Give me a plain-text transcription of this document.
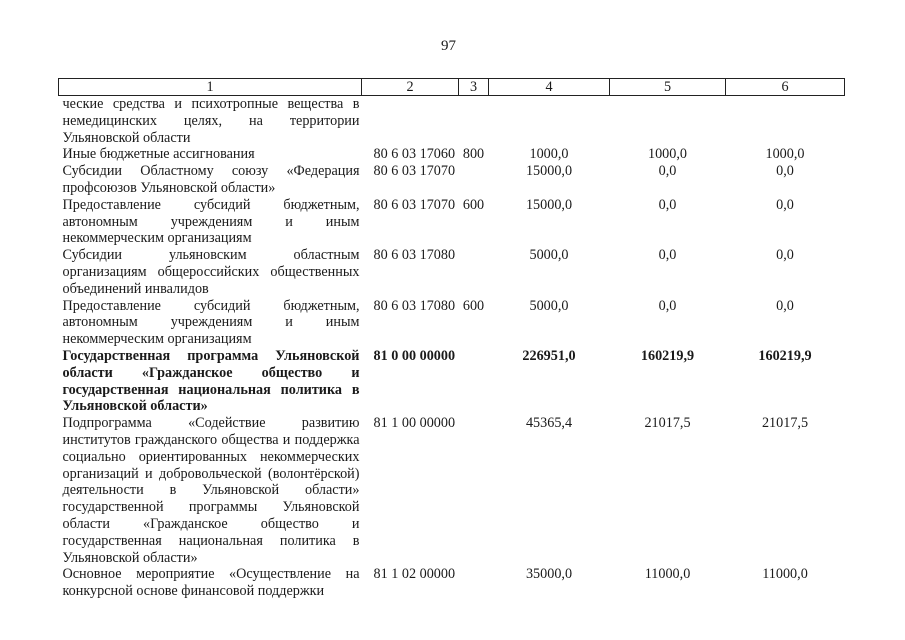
97
1	2	3	4	5	6
ческие средства и психотропные вещества в немедицинских целях, на территории Ульяновской области					
Иные бюджетные ассигнования	80 6 03 17060	800	1000,0	1000,0	1000,0
Субсидии Областному союзу «Федерация профсоюзов Ульяновской области»	80 6 03 17070		15000,0	0,0	0,0
Предоставление субсидий бюджетным, автономным учреждениям и иным некоммерческим организациям	80 6 03 17070	600	15000,0	0,0	0,0
Субсидии ульяновским областным организациям общероссийских общественных объединений инвалидов	80 6 03 17080		5000,0	0,0	0,0
Предоставление субсидий бюджетным, автономным учреждениям и иным некоммерческим организациям	80 6 03 17080	600	5000,0	0,0	0,0
Государственная программа Ульяновской области «Гражданское общество и государственная национальная политика в Ульяновской области»	81 0 00 00000		226951,0	160219,9	160219,9
Подпрограмма «Содействие развитию институтов гражданского общества и поддержка социально ориентированных некоммерческих организаций и добровольческой (волонтёрской) деятельности в Ульяновской области» государственной программы Ульяновской области «Гражданское общество и государственная национальная политика в Ульяновской области»	81 1 00 00000		45365,4	21017,5	21017,5
Основное мероприятие «Осуществление на конкурсной основе финансовой поддержки	81 1 02 00000		35000,0	11000,0	11000,0
